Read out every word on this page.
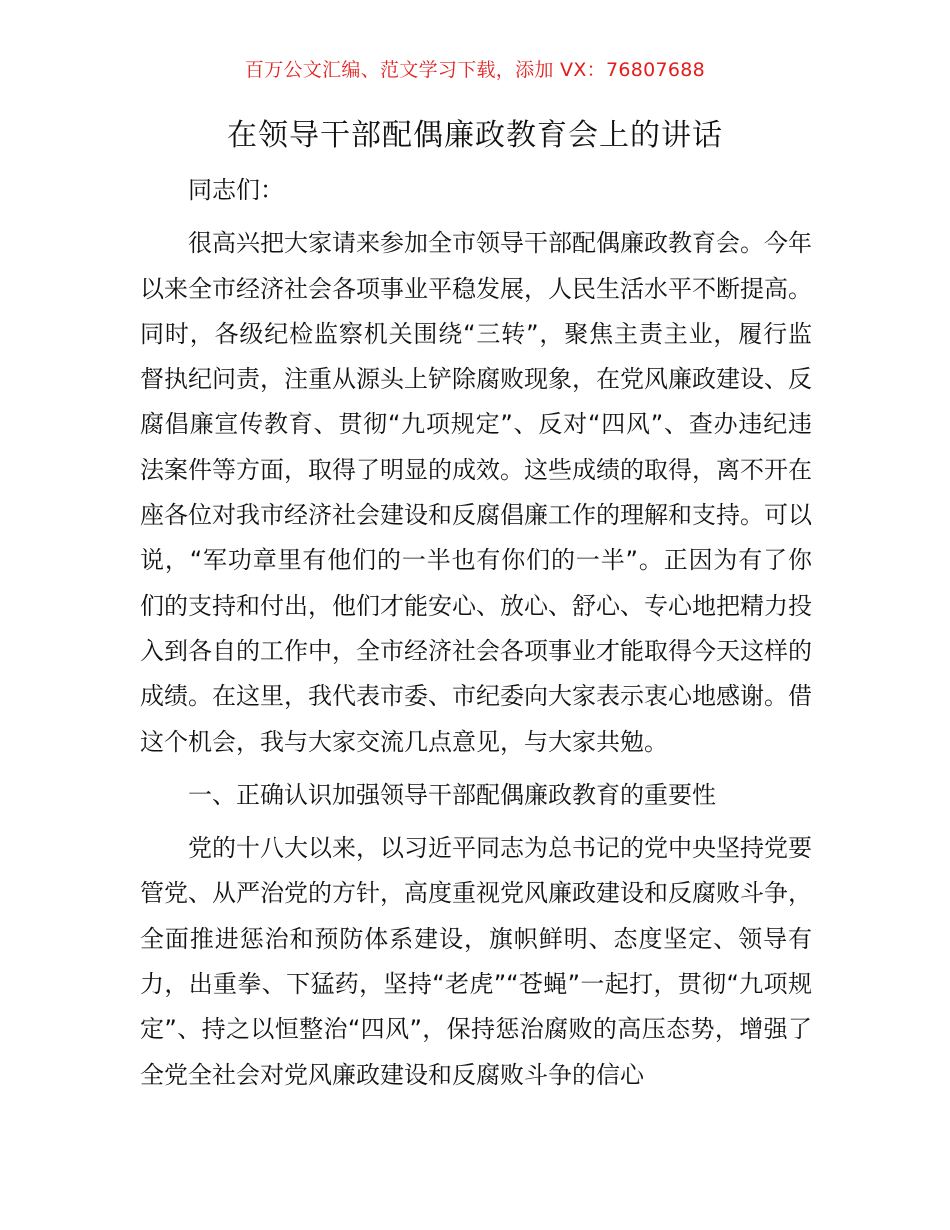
百万公文汇编、范文学习下载，添加 VX：76807688
在领导干部配偶廉政教育会上的讲话

同志们：

很高兴把大家请来参加全市领导干部配偶廉政教育会。今年以来全市经济社会各项事业平稳发展，人民生活水平不断提高。同时，各级纪检监察机关围绕“三转”，聚焦主责主业，履行监督执纪问责，注重从源头上铲除腐败现象，在党风廉政建设、反腐倡廉宣传教育、贯彻“九项规定”、反对“四风”、查办违纪违法案件等方面，取得了明显的成效。这些成绩的取得，离不开在座各位对我市经济社会建设和反腐倡廉工作的理解和支持。可以说，“军功章里有他们的一半也有你们的一半”。正因为有了你们的支持和付出，他们才能安心、放心、舒心、专心地把精力投入到各自的工作中，全市经济社会各项事业才能取得今天这样的成绩。在这里，我代表市委、市纪委向大家表示衷心地感谢。借这个机会，我与大家交流几点意见，与大家共勉。

一、正确认识加强领导干部配偶廉政教育的重要性

党的十八大以来，以习近平同志为总书记的党中央坚持党要管党、从严治党的方针，高度重视党风廉政建设和反腐败斗争，全面推进惩治和预防体系建设，旗帜鲜明、态度坚定、领导有力，出重拳、下猛药，坚持“老虎”“苍蝇”一起打，贯彻“九项规定”、持之以恒整治“四风”，保持惩治腐败的高压态势，增强了全党全社会对党风廉政建设和反腐败斗争的信心
